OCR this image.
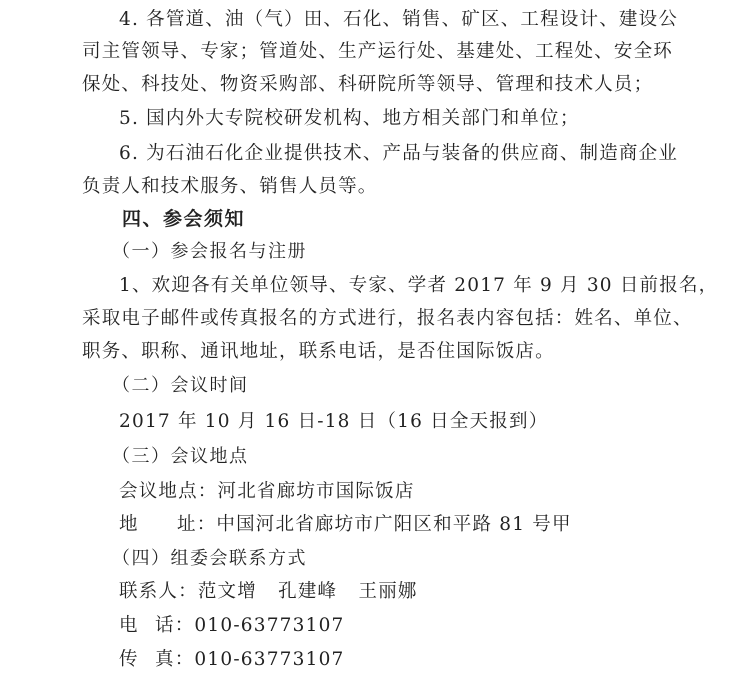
4. 各管道、油（气）田、石化、销售、矿区、工程设计、建设公
司主管领导、专家；管道处、生产运行处、基建处、工程处、安全环
保处、科技处、物资采购部、科研院所等领导、管理和技术人员；
5. 国内外大专院校研发机构、地方相关部门和单位；
6. 为石油石化企业提供技术、产品与装备的供应商、制造商企业
负责人和技术服务、销售人员等。
四、参会须知
（一）参会报名与注册
1、欢迎各有关单位领导、专家、学者 2017 年 9 月 30 日前报名，
采取电子邮件或传真报名的方式进行，报名表内容包括：姓名、单位、
职务、职称、通讯地址，联系电话，是否住国际饭店。
（二）会议时间
2017 年 10 月 16 日-18 日（16 日全天报到）
（三）会议地点
会议地点：河北省廊坊市国际饭店
地 址：中国河北省廊坊市广阳区和平路 81 号甲
（四）组委会联系方式
联系人：范文增   孔建峰   王丽娜
电 话：010-63773107
传 真：010-63773107
